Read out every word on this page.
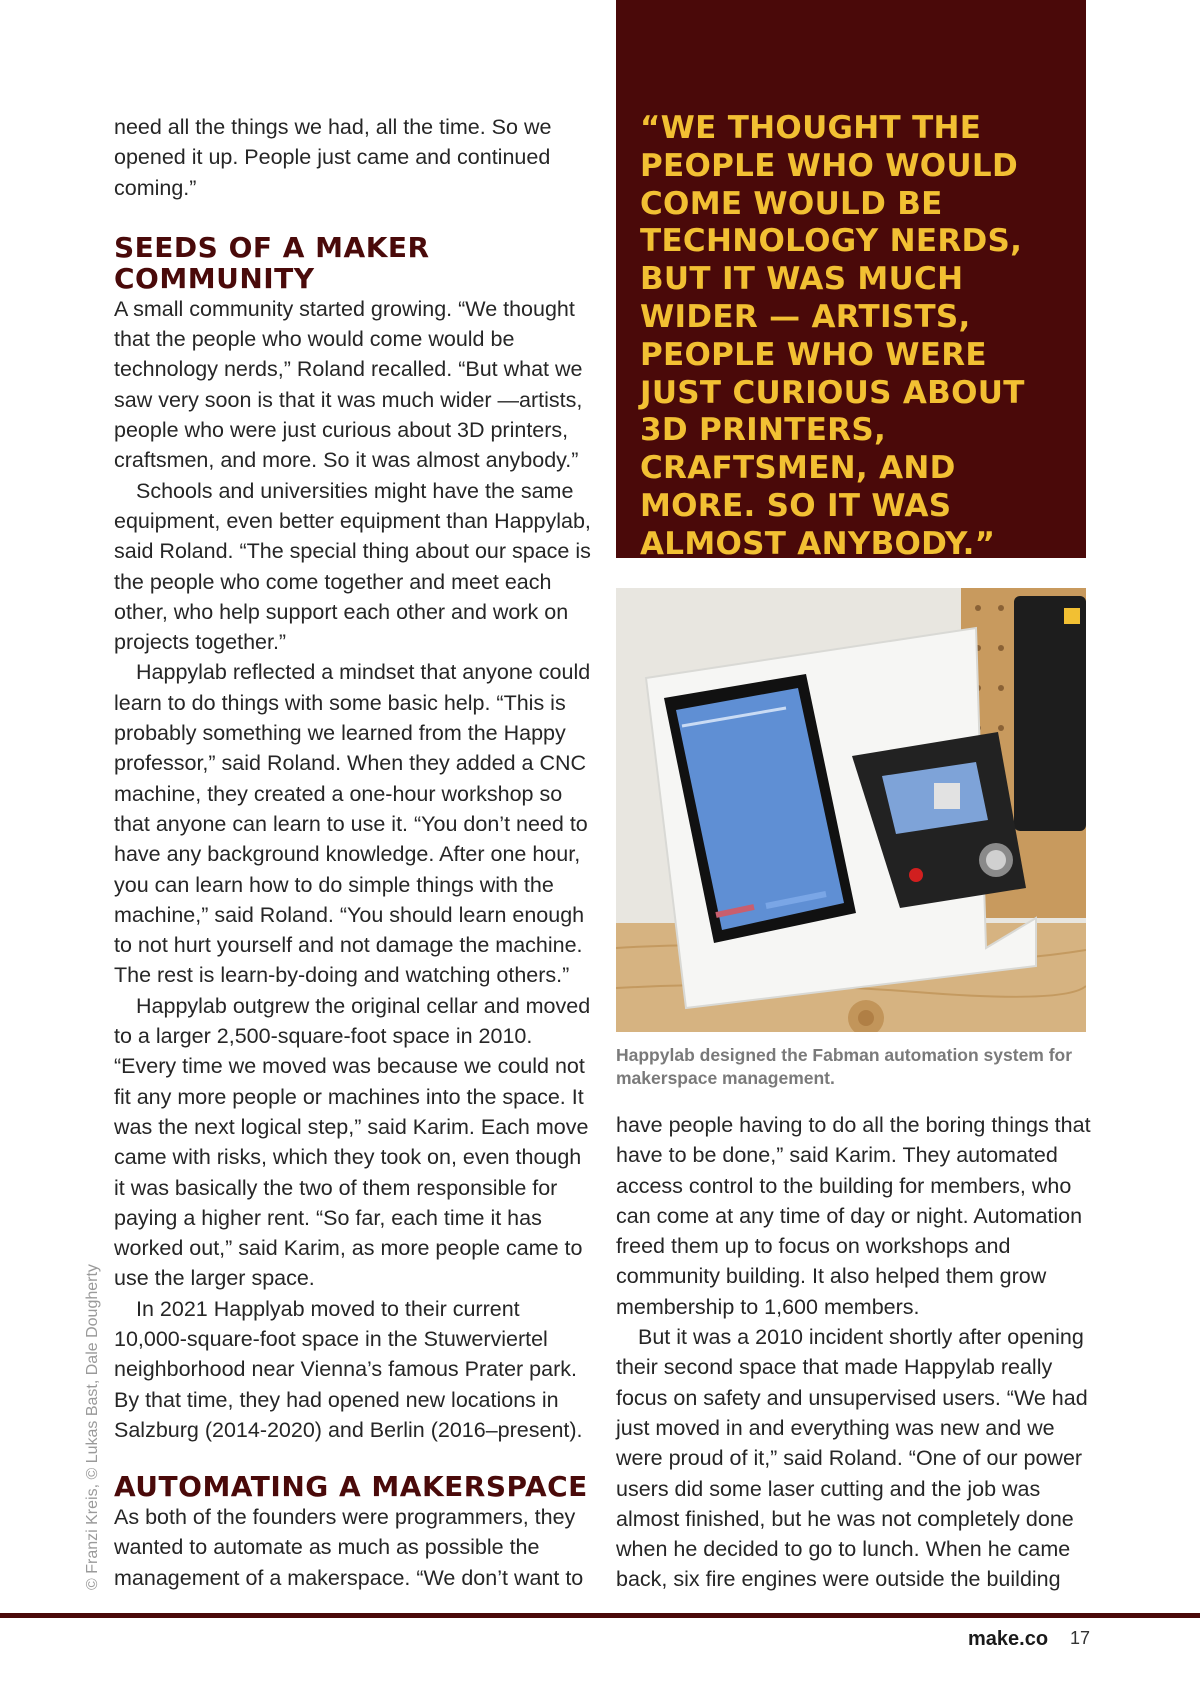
need all the things we had, all the time. So we opened it up. People just came and continued coming.”

SEEDS OF A MAKER COMMUNITY

A small community started growing. “We thought that the people who would come would be technology nerds,” Roland recalled. “But what we saw very soon is that it was much wider —artists, people who were just curious about 3D printers, craftsmen, and more. So it was almost anybody.”

Schools and universities might have the same equipment, even better equipment than Happylab, said Roland. “The special thing about our space is the people who come together and meet each other, who help support each other and work on projects together.”

Happylab reflected a mindset that anyone could learn to do things with some basic help. “This is probably something we learned from the Happy professor,” said Roland. When they added a CNC machine, they created a one-hour workshop so that anyone can learn to use it. “You don’t need to have any background knowledge. After one hour, you can learn how to do simple things with the machine,” said Roland. “You should learn enough to not hurt yourself and not damage the machine. The rest is learn-by-doing and watching others.”

Happylab outgrew the original cellar and moved to a larger 2,500-square-foot space in 2010. “Every time we moved was because we could not fit any more people or machines into the space. It was the next logical step,” said Karim. Each move came with risks, which they took on, even though it was basically the two of them responsible for paying a higher rent. “So far, each time it has worked out,” said Karim, as more people came to use the larger space.

In 2021 Happlyab moved to their current 10,000-square-foot space in the Stuwerviertel neighborhood near Vienna’s famous Prater park. By that time, they had opened new locations in Salzburg (2014-2020) and Berlin (2016–present).

AUTOMATING A MAKERSPACE

As both of the founders were programmers, they wanted to automate as much as possible the management of a makerspace. “We don’t want to

“WE THOUGHT THE PEOPLE WHO WOULD COME WOULD BE TECHNOLOGY NERDS, BUT IT WAS MUCH WIDER — ARTISTS, PEOPLE WHO WERE JUST CURIOUS ABOUT 3D PRINTERS, CRAFTSMEN, AND MORE. SO IT WAS ALMOST ANYBODY.”
Happylab designed the Fabman automation system for makerspace management.

have people having to do all the boring things that have to be done,” said Karim. They automated access control to the building for members, who can come at any time of day or night. Automation freed them up to focus on workshops and community building. It also helped them grow membership to 1,600 members.

But it was a 2010 incident shortly after opening their second space that made Happylab really focus on safety and unsupervised users. “We had just moved in and everything was new and we were proud of it,” said Roland. “One of our power users did some laser cutting and the job was almost finished, but he was not completely done when he decided to go to lunch. When he came back, six fire engines were outside the building

© Franzi Kreis, © Lukas Bast, Dale Dougherty
make.co 17
